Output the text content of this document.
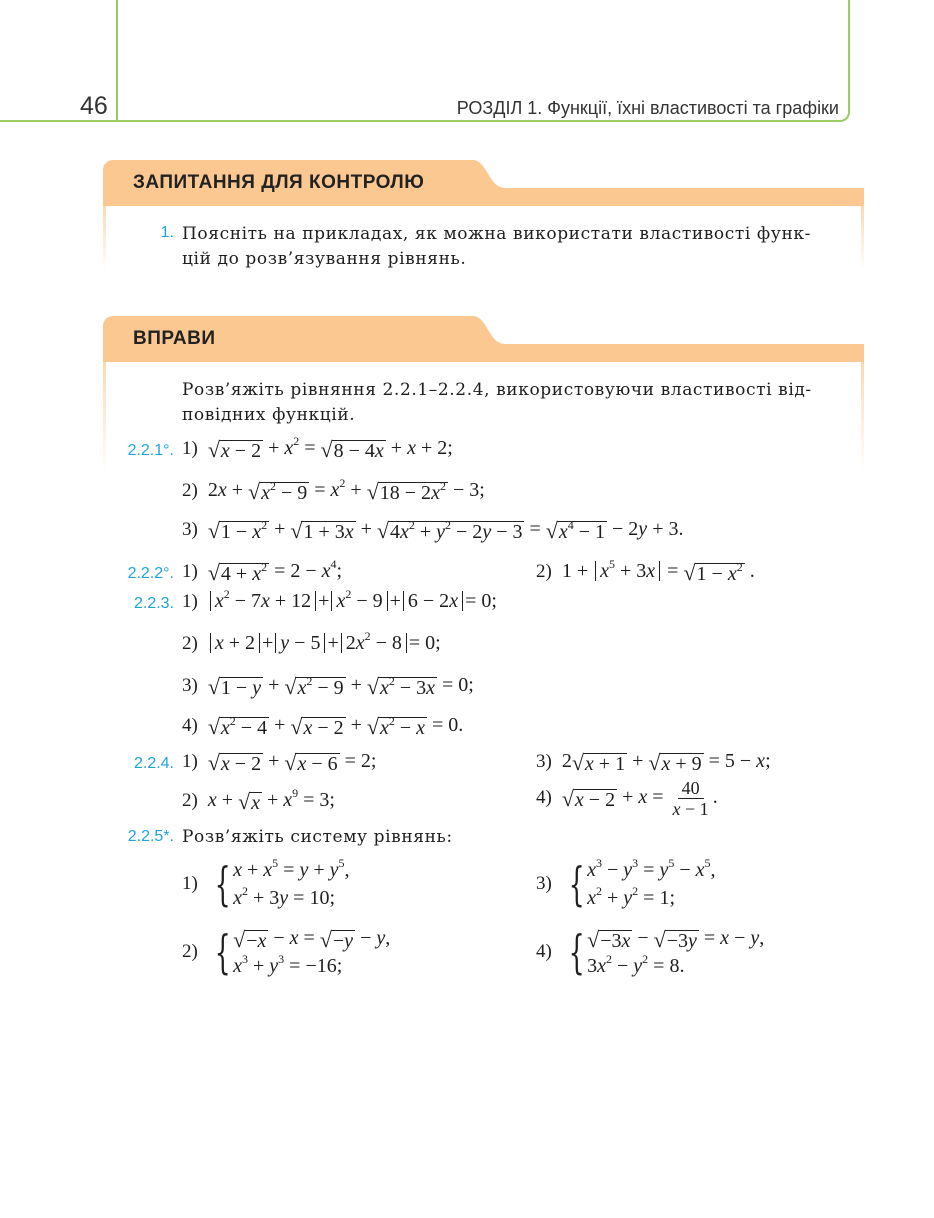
46	РОЗДІЛ 1. Функції, їхні властивості та графіки
ЗАПИТАННЯ ДЛЯ КОНТРОЛЮ
1. Поясніть на прикладах, як можна використати властивості функ-
цій до розв’язування рівнянь.
ВПРАВИ
Розв’яжіть рівняння 2.2.1–2.2.4, використовуючи властивості від-
повідних функцій.
2.2.1°. 1) √ $x - 2 + x^2$ = √ 8 − 4x + x + 2;
2)  2x + √ $x^2 - 9 = x^2$ + √ $18 - 2x^2 - 3$;
3) √ $1 - x^2$ + √ 1 + 3x + √ $4x^2 + y^2 - 2y - 3$ = √ $x^4 - 1 - 2y + 3$.
2.2.2°. 1) √ $4 + x^2 = 2 - x^4$;	2)  $1 + x^5 + 3x$ = √ $1 - x^2$ .
2.2.3. 1) $x^2 - 7x + 12 + x^2 - 9 + 6 - 2x = 0$;
2) $x + 2 + y - 5 + 2x^2 - 8 = 0$;
3) √ 1 − y + √ $x^2 - 9$ + √ $x^2 - 3x = 0$;
4) √ $x^2 - 4$ + √ x − 2 + √ $x^2 - x = 0$.
2.2.4. 1) √ x − 2 + √ x − 6 = 2;	3)  2 √ x + 1 + √ x + 9 = 5 − x;
2) x + √ $x + x^9 = 3$;	4) √ $x - 2 + x = \frac{40}{x - 1}$ .
2.2.5*. Розв’яжіть систему рівнянь:
1) { $x + x^5 = y + y^5$,
$x^2 + 3y = 10$;
3) { $x^3 - y^3 = y^5 - x^5$,
$x^2 + y^2 = 1$;
2) { √ −x − x = √ −y − y,
$x^3 + y^3 = -16$;
4) { √ −3x − √ −3y = x − y,
$3x^2 - y^2 = 8$.
